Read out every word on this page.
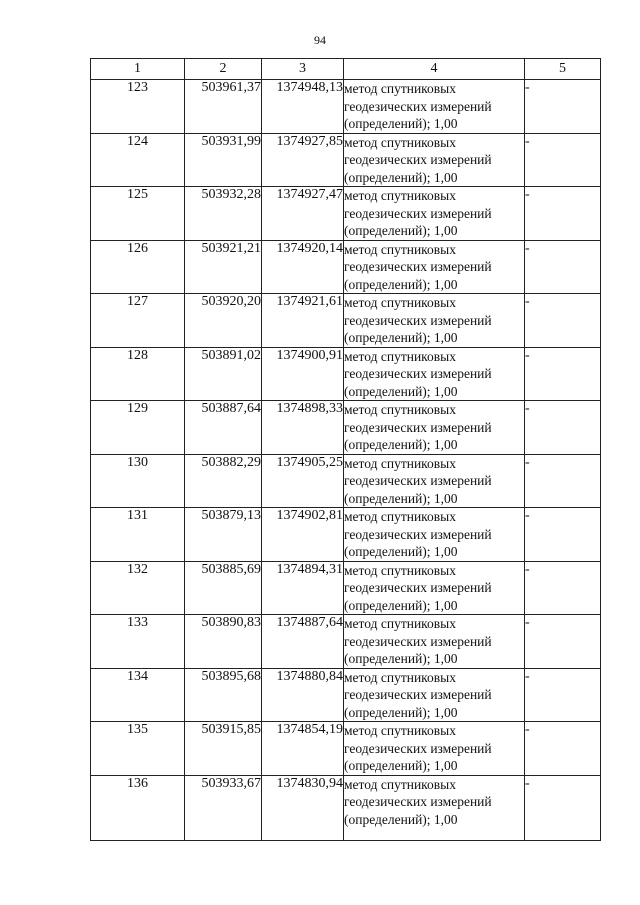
94
1	2	3	4	5
123	503961,37	1374948,13	метод спутниковых
геодезических измерений
(определений); 1,00	-
124	503931,99	1374927,85	метод спутниковых
геодезических измерений
(определений); 1,00	-
125	503932,28	1374927,47	метод спутниковых
геодезических измерений
(определений); 1,00	-
126	503921,21	1374920,14	метод спутниковых
геодезических измерений
(определений); 1,00	-
127	503920,20	1374921,61	метод спутниковых
геодезических измерений
(определений); 1,00	-
128	503891,02	1374900,91	метод спутниковых
геодезических измерений
(определений); 1,00	-
129	503887,64	1374898,33	метод спутниковых
геодезических измерений
(определений); 1,00	-
130	503882,29	1374905,25	метод спутниковых
геодезических измерений
(определений); 1,00	-
131	503879,13	1374902,81	метод спутниковых
геодезических измерений
(определений); 1,00	-
132	503885,69	1374894,31	метод спутниковых
геодезических измерений
(определений); 1,00	-
133	503890,83	1374887,64	метод спутниковых
геодезических измерений
(определений); 1,00	-
134	503895,68	1374880,84	метод спутниковых
геодезических измерений
(определений); 1,00	-
135	503915,85	1374854,19	метод спутниковых
геодезических измерений
(определений); 1,00	-
136	503933,67	1374830,94	метод спутниковых
геодезических измерений
(определений); 1,00	-
